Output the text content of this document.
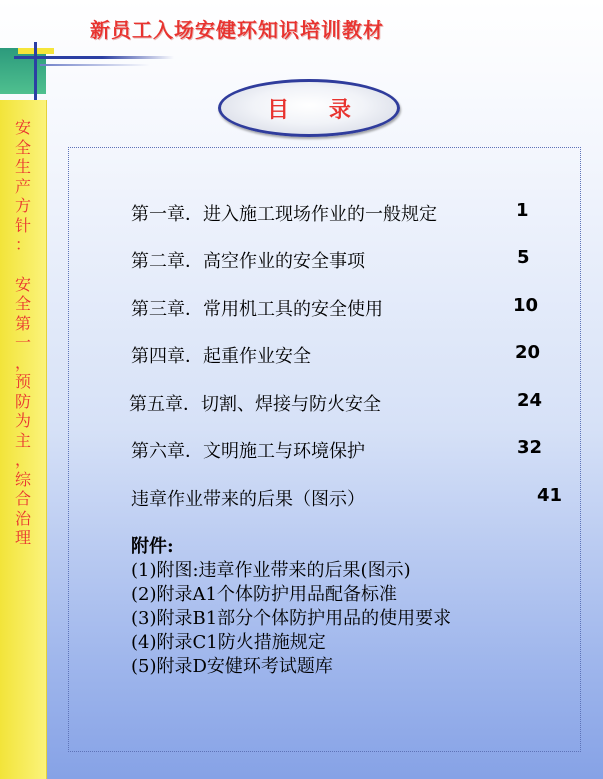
新员工入场安健环知识培训教材
安
全
生
产
方
针
：
安
全
第
一
，
预
防
为
主
，
综
合
治
理
目 录
第一章．进入施工现场作业的一般规定	1
第二章．高空作业的安全事项	5
第三章．常用机工具的安全使用	10
第四章．起重作业安全	20
第五章．切割、焊接与防火安全	24
第六章．文明施工与环境保护	32
违章作业带来的后果（图示）	41
附件:
(1)附图:违章作业带来的后果(图示)
(2)附录A1个体防护用品配备标准
(3)附录B1部分个体防护用品的使用要求
(4)附录C1防火措施规定
(5)附录D安健环考试题库
